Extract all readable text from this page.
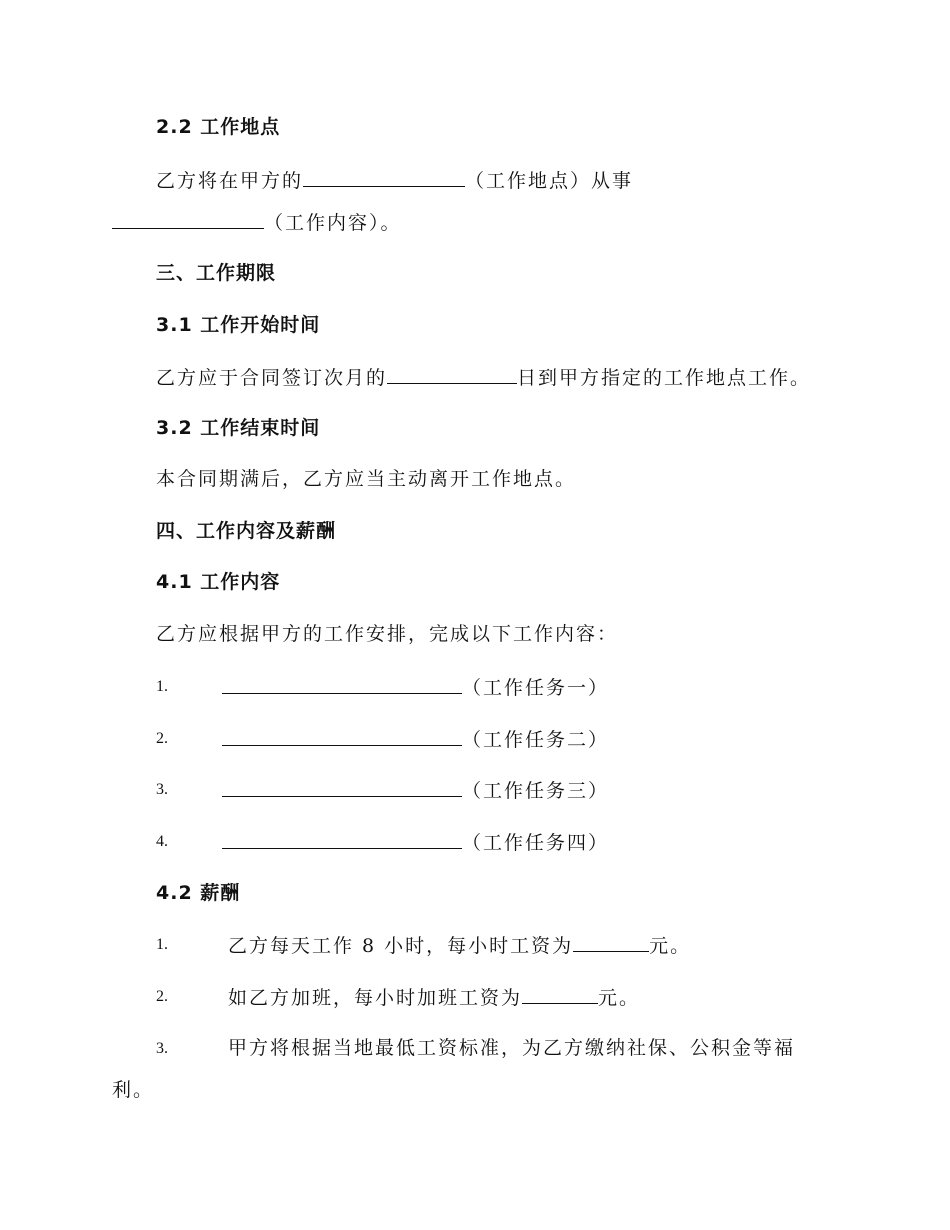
2.2 工作地点
乙方将在甲方的	（工作地点）从事
（工作内容）。
三、工作期限
3.1 工作开始时间
乙方应于合同签订次月的	日到甲方指定的工作地点工作。
3.2 工作结束时间
本合同期满后，乙方应当主动离开工作地点。
四、工作内容及薪酬
4.1 工作内容
乙方应根据甲方的工作安排，完成以下工作内容：
1.	（工作任务一）
2.	（工作任务二）
3.	（工作任务三）
4.	（工作任务四）
4.2 薪酬
1.	乙方每天工作 8 小时，每小时工资为	元。
2.	如乙方加班，每小时加班工资为	元。
3.	甲方将根据当地最低工资标准，为乙方缴纳社保、公积金等福
利。
